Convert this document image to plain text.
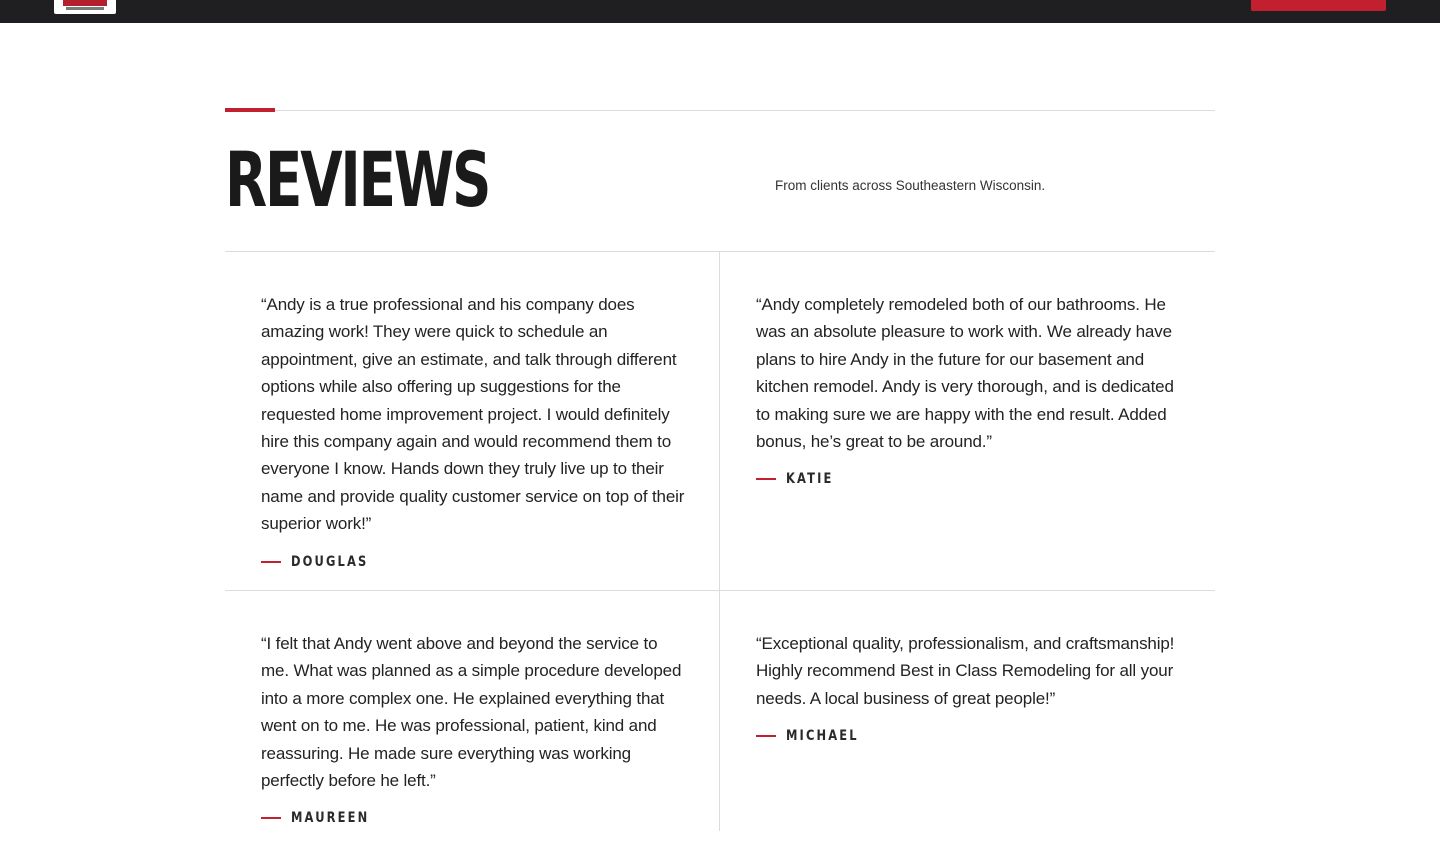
REVIEWS	From clients across Southeastern Wisconsin.

“Andy is a true professional and his company does amazing work! They were quick to schedule an appointment, give an estimate, and talk through different options while also offering up suggestions for the requested home improvement project. I would definitely hire this company again and would recommend them to everyone I know. Hands down they truly live up to their name and provide quality customer service on top of their superior work!”

DOUGLAS

“Andy completely remodeled both of our bathrooms. He was an absolute pleasure to work with. We already have plans to hire Andy in the future for our basement and kitchen remodel. Andy is very thorough, and is dedicated to making sure we are happy with the end result. Added bonus, he’s great to be around.”

KATIE

“I felt that Andy went above and beyond the service to me. What was planned as a simple procedure developed into a more complex one. He explained everything that went on to me. He was professional, patient, kind and reassuring. He made sure everything was working perfectly before he left.”

MAUREEN

“Exceptional quality, professionalism, and craftsmanship! Highly recommend Best in Class Remodeling for all your needs. A local business of great people!”

MICHAEL
